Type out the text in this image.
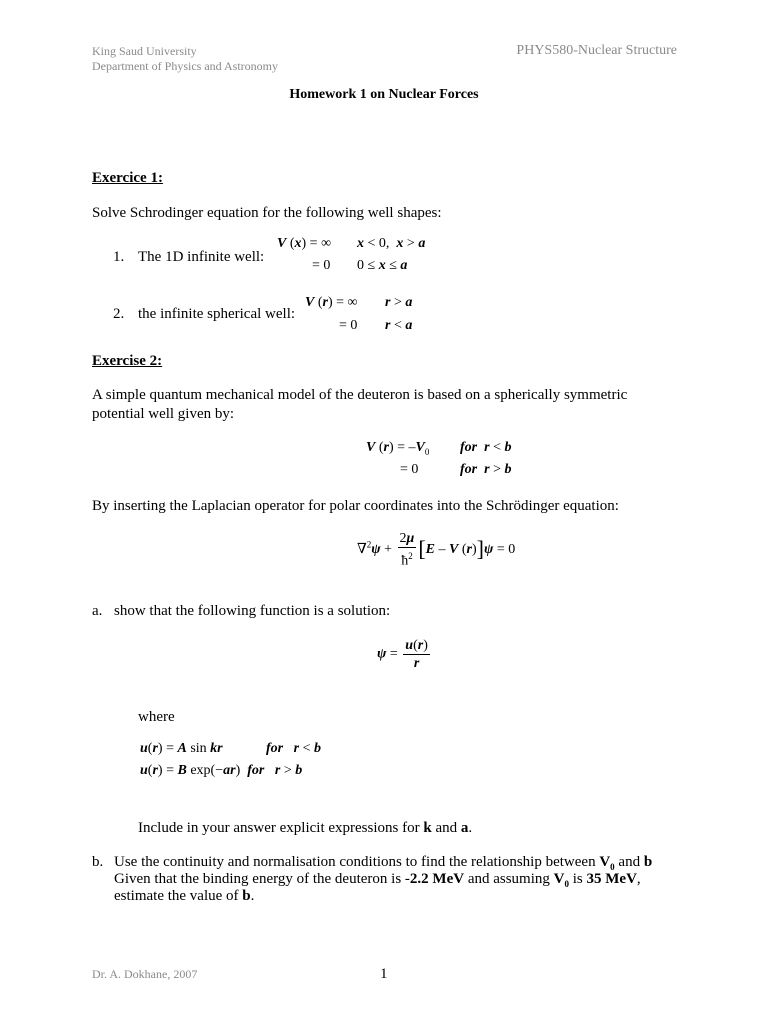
King Saud University
Department of Physics and Astronomy
PHYS580-Nuclear Structure
Homework 1 on Nuclear Forces
Exercice 1:
Solve Schrodinger equation for the following well shapes:
1. The 1D infinite well:
V (x) = ∞ x < 0,  x > a
= 0 0 ≤ x ≤ a
2. the infinite spherical well:
V (r) = ∞ r > a
= 0 r < a
Exercise 2:
A simple quantum mechanical model of the deuteron is based on a spherically symmetric
potential well given by:
V $(r) = -V_0$ for r < b
= 0	for r > b
By inserting the Laplacian operator for polar coordinates into the Schrödinger equation:
$\nabla^2\psi + \frac{2\mu}{ħ^2} [E - V$ (r)]ψ = 0
a. show that the following function is a solution:
$\psi = \frac{u(r)}{r}$
where
u(r) = A sin kr	for r < b
u(r) = B exp(−ar)  for r > b
Include in your answer explicit expressions for k and a.
b. Use the continuity and normalisation conditions to find the relationship between $V_0$ and b
Given that the binding energy of the deuteron is -2.2 MeV and assuming $V_0$ is 35 MeV,
estimate the value of b.
Dr. A. Dokhane, 2007	1
